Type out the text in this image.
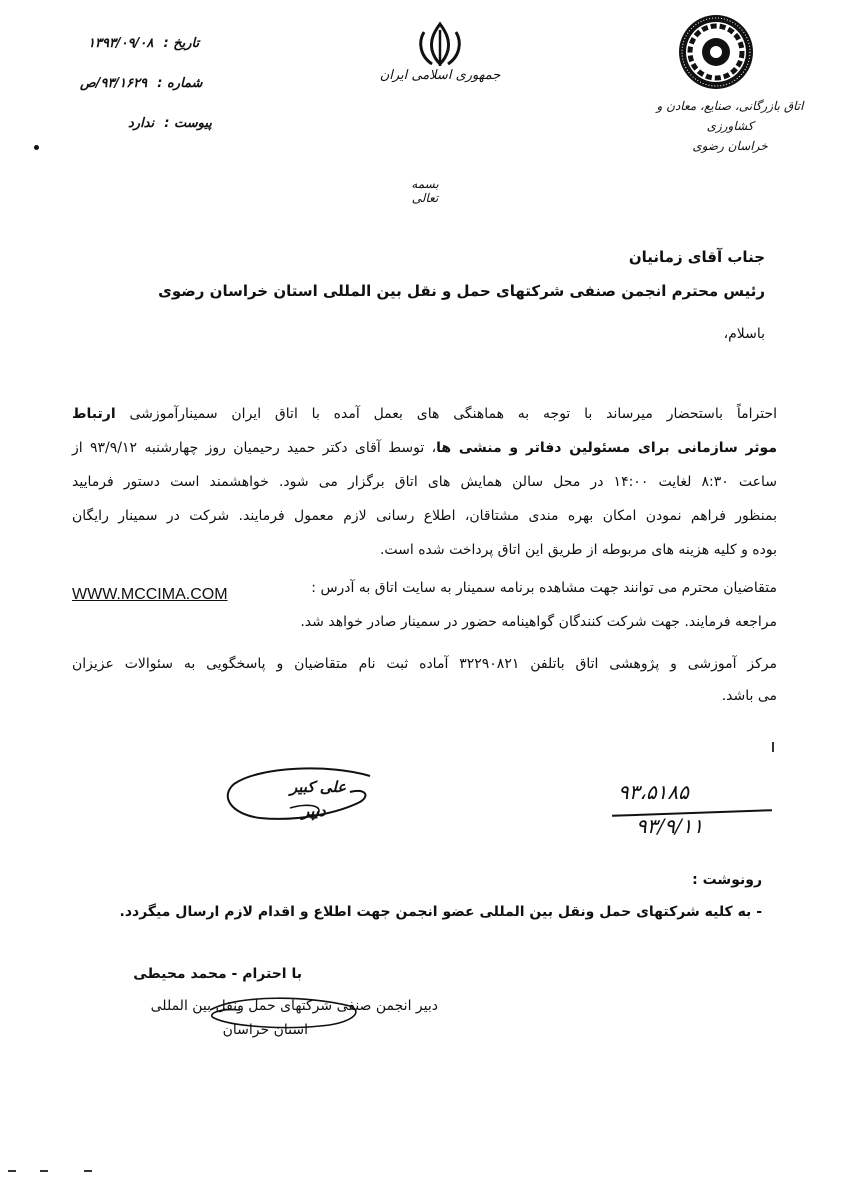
تاریخ : ۱۳۹۳/۰۹/۰۸
شماره : ۹۳/۱۶۲۹/ص
پیوست : ندارد
جمهوری اسلامی ایران
اتاق بازرگانی، صنایع، معادن و کشاورزی
خراسان رضوی
بسمه تعالی
جناب آقای زمانیان
رئیس محترم انجمن صنفی شرکتهای حمل و نقل بین المللی استان خراسان رضوی
باسلام،
احتراماً باستحضار میرساند با توجه به هماهنگی های بعمل آمده با اتاق ایران سمینارآموزشی ارتباط
موثر سازمانی برای مسئولین دفاتر و منشی ها، توسط آقای دکتر حمید رحیمیان روز چهارشنبه ۹۳/۹/۱۲ از
ساعت ۸:۳۰ لغایت ۱۴:۰۰ در محل سالن همایش های اتاق برگزار می شود. خواهشمند است دستور فرمایید
بمنظور فراهم نمودن امکان بهره مندی مشتاقان، اطلاع رسانی لازم معمول فرمایند. شرکت در سمینار رایگان
بوده و کلیه هزینه های مربوطه از طریق این اتاق پرداخت شده است.
متقاضیان محترم می توانند جهت مشاهده برنامه سمینار به سایت اتاق به آدرس :
WWW.MCCIMA.COM
مراجعه فرمایند. جهت شرکت کنندگان گواهینامه حضور در سمینار صادر خواهد شد.
مرکز آموزشی و پژوهشی اتاق باتلفن ۳۲۲۹۰۸۲۱ آماده ثبت نام متقاضیان و پاسخگویی به سئوالات عزیزان
می باشد.
علی کبیر
دبیر
۹۳،۵۱۸۵
۹۳/۹/۱۱
رونوشت :
- به کلیه شرکتهای حمل ونقل بین المللی عضو انجمن جهت اطلاع و اقدام لازم ارسال میگردد.
با احترام - محمد محیطی
دبیر انجمن صنفی شرکتهای حمل ونقل بین المللی
استان خراسان
